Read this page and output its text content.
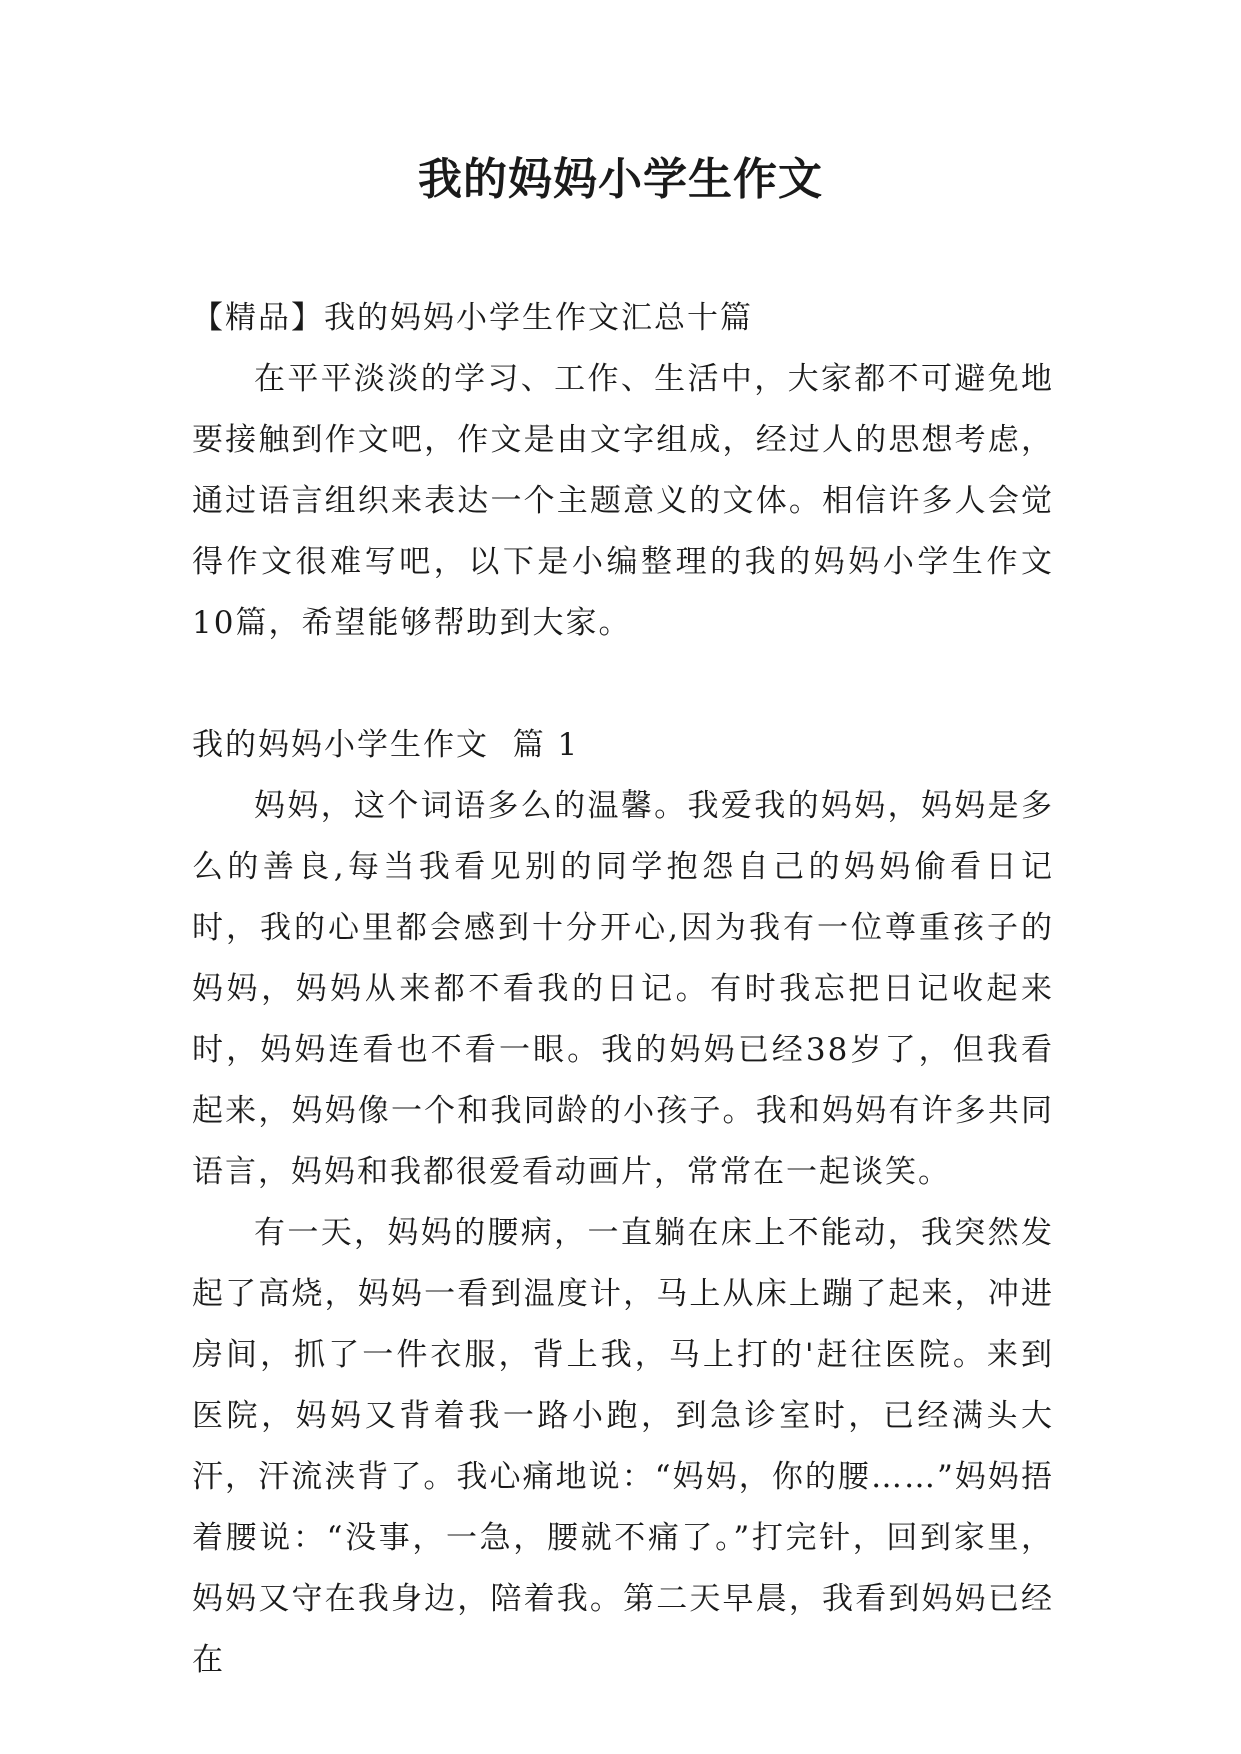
我的妈妈小学生作文

【精品】我的妈妈小学生作文汇总十篇

在平平淡淡的学习、工作、生活中，大家都不可避免地要接触到作文吧，作文是由文字组成，经过人的思想考虑，通过语言组织来表达一个主题意义的文体。相信许多人会觉得作文很难写吧，以下是小编整理的我的妈妈小学生作文10篇，希望能够帮助到大家。

我的妈妈小学生作文  篇 1

妈妈，这个词语多么的温馨。我爱我的妈妈，妈妈是多么的善良,每当我看见别的同学抱怨自己的妈妈偷看日记时，我的心里都会感到十分开心,因为我有一位尊重孩子的妈妈，妈妈从来都不看我的日记。有时我忘把日记收起来时，妈妈连看也不看一眼。我的妈妈已经38岁了，但我看起来，妈妈像一个和我同龄的小孩子。我和妈妈有许多共同语言，妈妈和我都很爱看动画片，常常在一起谈笑。

有一天，妈妈的腰病，一直躺在床上不能动，我突然发起了高烧，妈妈一看到温度计，马上从床上蹦了起来，冲进房间，抓了一件衣服，背上我，马上打的'赶往医院。来到医院，妈妈又背着我一路小跑，到急诊室时，已经满头大汗，汗流浃背了。我心痛地说：“妈妈，你的腰……”妈妈捂着腰说：“没事，一急，腰就不痛了。”打完针，回到家里，妈妈又守在我身边，陪着我。第二天早晨，我看到妈妈已经在
